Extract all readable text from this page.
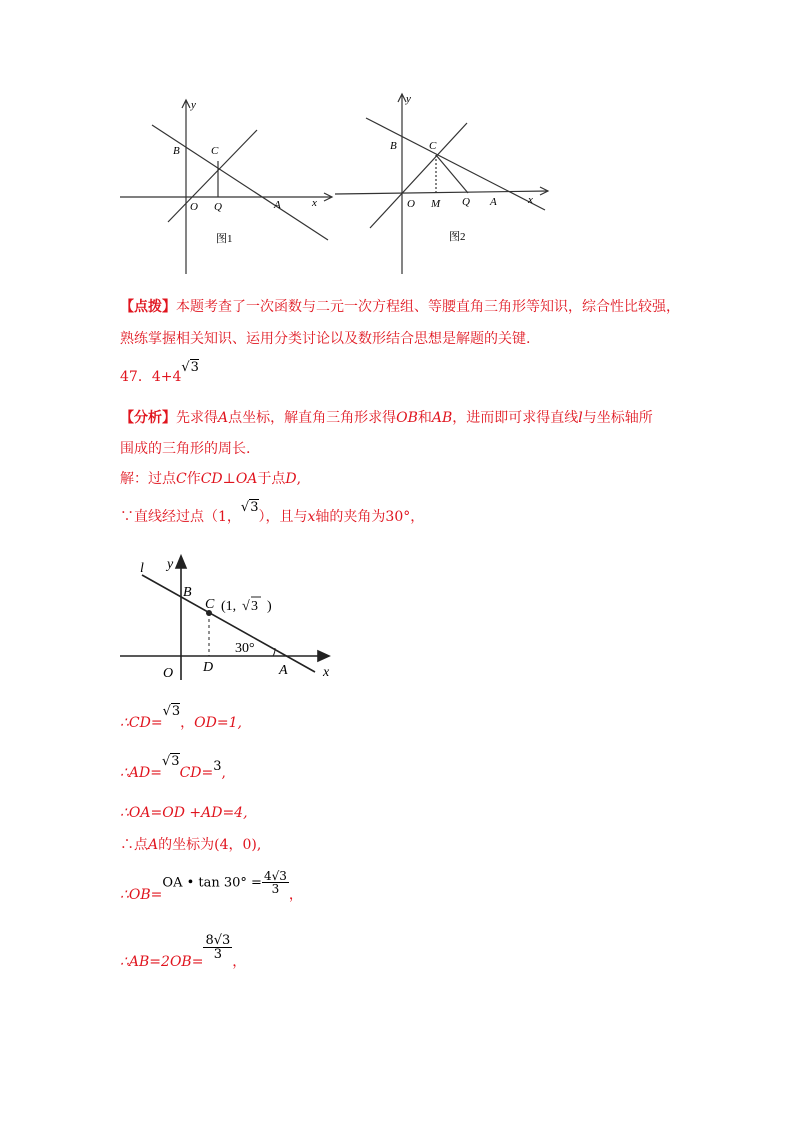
y
x
B	C
O Q	A
图1
y
x
B	C
O M Q A
图2
【点拨】本题考查了一次函数与二元一次方程组、等腰直角三角形等知识，综合性比较强，
熟练掌握相关知识、运用分类讨论以及数形结合思想是解题的关键.
47．4+4√3
【分析】先求得A点坐标，解直角三角形求得OB和AB，进而即可求得直线l与坐标轴所
围成的三角形的周长.
解：过点C作CD⊥OA于点D,
∵直线经过点（1，√3），且与x轴的夹角为30°，
l y
B
C
O D	A	x
(1, √ 3 )
30°
∴CD=√3，OD=1,
∴AD=√3CD=3,
∴OA=OD +AD=4,
∴点A的坐标为(4，0),
∴OB=OA • $\tan 30^\circ = \frac{4√3}{3}$ ，
∴AB=2OB=
$\frac{8√3}{3}$
，
